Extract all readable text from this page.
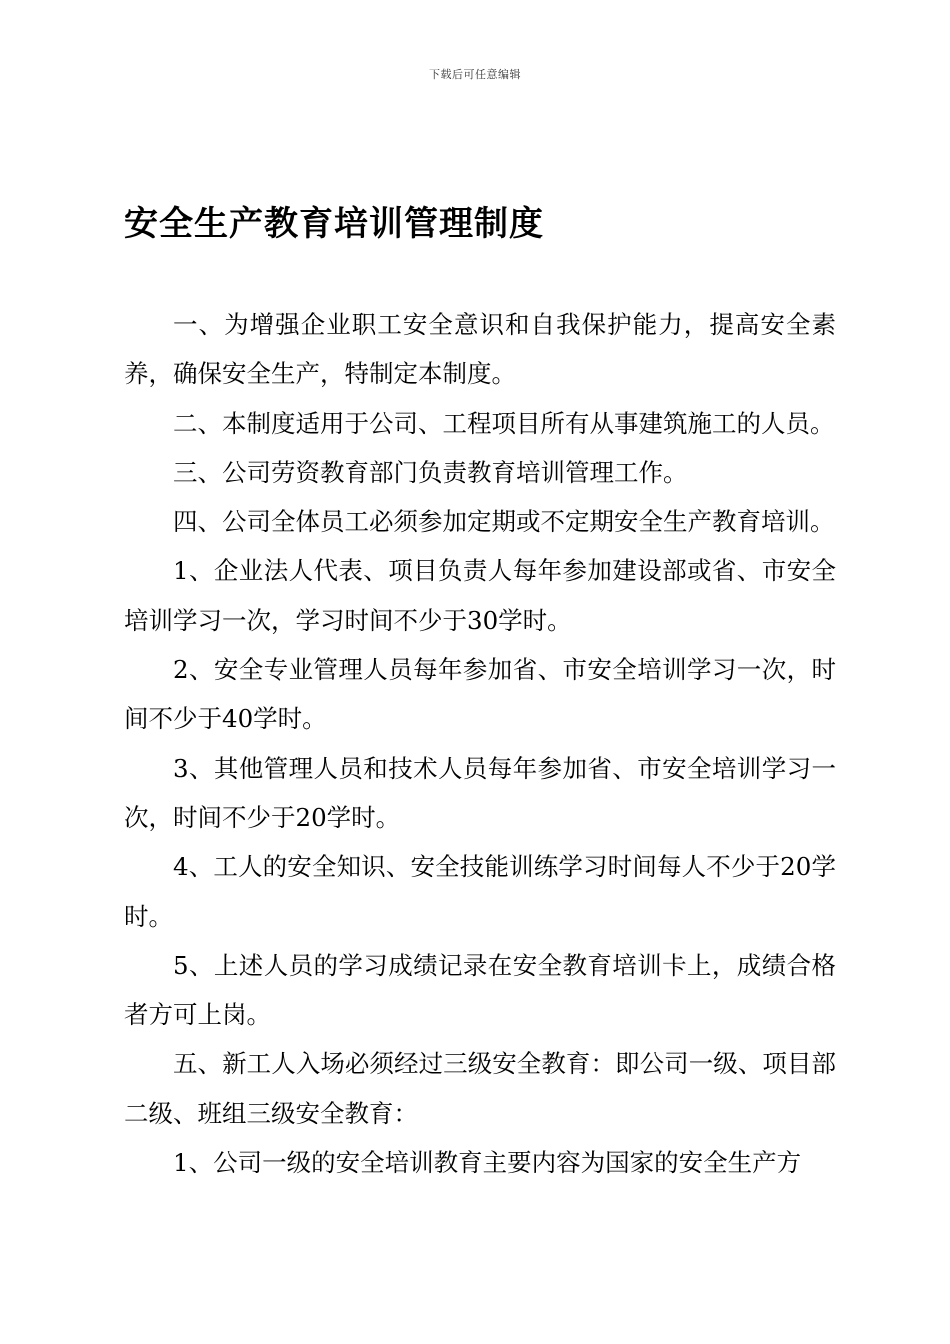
下载后可任意编辑
安全生产教育培训管理制度

一、为增强企业职工安全意识和自我保护能力，提高安全素养，确保安全生产，特制定本制度。

二、本制度适用于公司、工程项目所有从事建筑施工的人员。

三、公司劳资教育部门负责教育培训管理工作。

四、公司全体员工必须参加定期或不定期安全生产教育培训。

1、企业法人代表、项目负责人每年参加建设部或省、市安全培训学习一次，学习时间不少于30学时。

2、安全专业管理人员每年参加省、市安全培训学习一次，时间不少于40学时。

3、其他管理人员和技术人员每年参加省、市安全培训学习一次，时间不少于20学时。

4、工人的安全知识、安全技能训练学习时间每人不少于20学时。

5、上述人员的学习成绩记录在安全教育培训卡上，成绩合格者方可上岗。

五、新工人入场必须经过三级安全教育：即公司一级、项目部二级、班组三级安全教育：

1、公司一级的安全培训教育主要内容为国家的安全生产方
